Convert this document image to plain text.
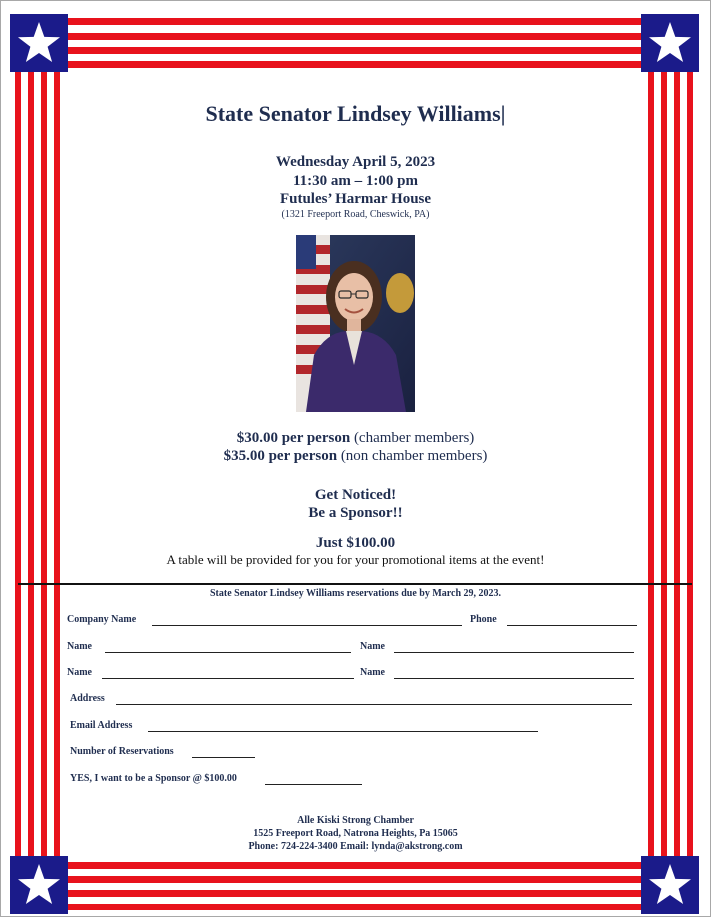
State Senator Lindsey Williams|
Wednesday April 5, 2023
11:30 am – 1:00 pm
Futules’ Harmar House
(1321 Freeport Road, Cheswick, PA)
$30.00 per person (chamber members)
$35.00 per person (non chamber members)
Get Noticed!
Be a Sponsor!!
Just $100.00
A table will be provided for you for your promotional items at the event!
State Senator Lindsey Williams reservations due by March 29, 2023.
Company Name	Phone
Name	Name
Name	Name
Address
Email Address
Number of Reservations
YES, I want to be a Sponsor @ $100.00
Alle Kiski Strong Chamber
1525 Freeport Road, Natrona Heights, Pa 15065
Phone: 724-224-3400 Email: lynda@akstrong.com
